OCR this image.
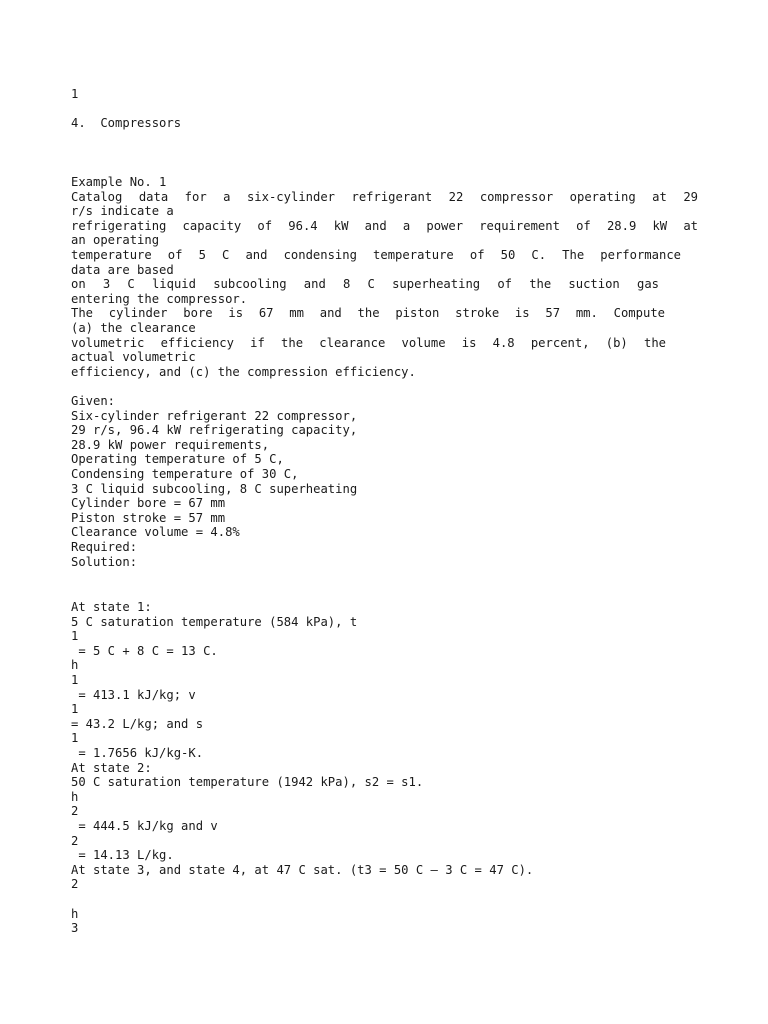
1
4.  Compressors
Example No. 1
Catalog data for a six-cylinder refrigerant 22 compressor operating at 29
r/s indicate a
refrigerating capacity of 96.4 kW and a power requirement of 28.9 kW at
an operating
temperature of 5 C and condensing temperature of 50 C. The performance
data are based
on 3 C liquid subcooling and 8 C superheating of the suction gas
entering the compressor.
The cylinder bore is 67 mm and the piston stroke is 57 mm. Compute
(a) the clearance
volumetric efficiency if the clearance volume is 4.8 percent, (b) the
actual volumetric
efficiency, and (c) the compression efficiency.
Given:
Six-cylinder refrigerant 22 compressor,
29 r/s, 96.4 kW refrigerating capacity,
28.9 kW power requirements,
Operating temperature of 5 C,
Condensing temperature of 30 C,
3 C liquid subcooling, 8 C superheating
Cylinder bore = 67 mm
Piston stroke = 57 mm
Clearance volume = 4.8%
Required:
Solution:
At state 1:
5 C saturation temperature (584 kPa), t
1
= 5 C + 8 C = 13 C.
h
1
= 413.1 kJ/kg; v
1
= 43.2 L/kg; and s
1
= 1.7656 kJ/kg-K.
At state 2:
50 C saturation temperature (1942 kPa), s2 = s1.
h
2
= 444.5 kJ/kg and v
2
= 14.13 L/kg.
At state 3, and state 4, at 47 C sat. (t3 = 50 C – 3 C = 47 C).
2
h
3
